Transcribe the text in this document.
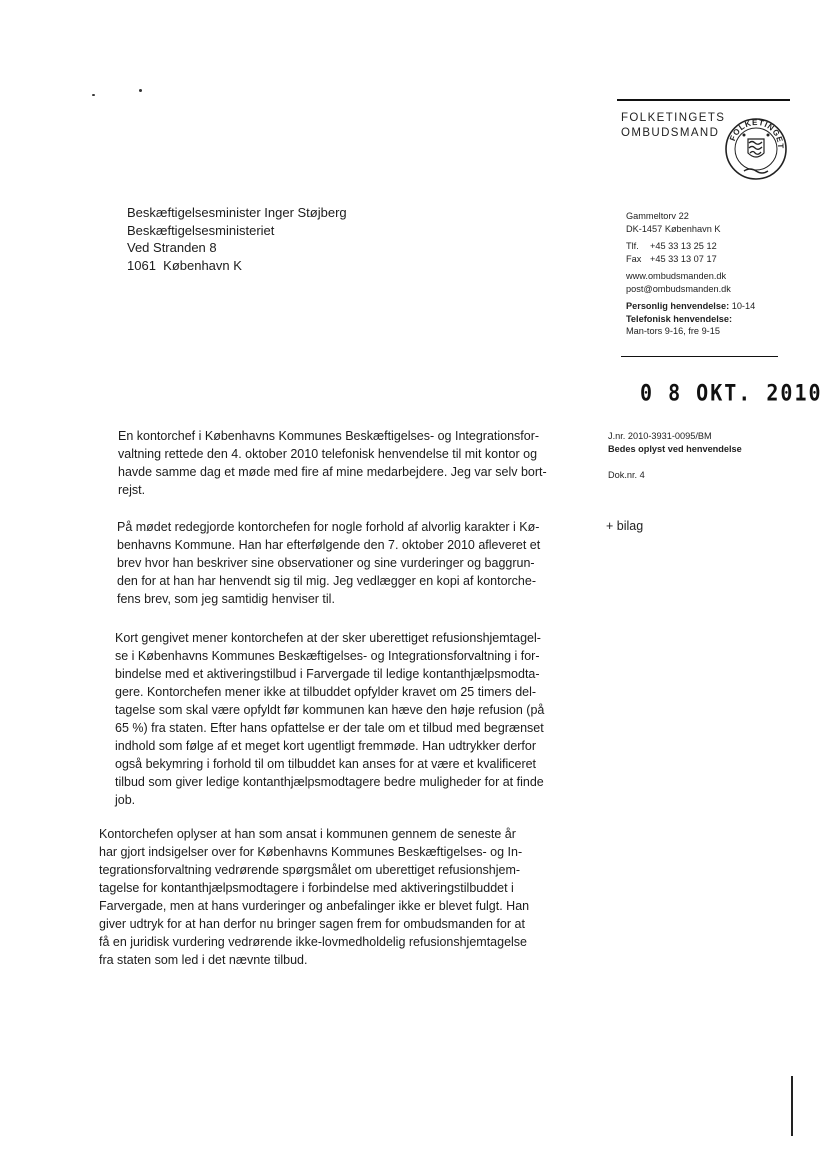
FOLKETINGETS
OMBUDSMAND	FOLKETINGET
Beskæftigelsesminister Inger Støjberg
Beskæftigelsesministeriet
Ved Stranden 8
1061  København K
Gammeltorv 22
DK-1457 København K
Tlf.	+45 33 13 25 12
Fax +45 33 13 07 17
www.ombudsmanden.dk
post@ombudsmanden.dk
Personlig henvendelse: 10-14
Telefonisk henvendelse:
Man-tors 9-16, fre 9-15
0 8 OKT. 2010
J.nr. 2010-3931-0095/BM
Bedes oplyst ved henvendelse
Dok.nr. 4
+ bilag
En kontorchef i Københavns Kommunes Beskæftigelses- og Integrationsfor-
valtning rettede den 4. oktober 2010 telefonisk henvendelse til mit kontor og
havde samme dag et møde med fire af mine medarbejdere. Jeg var selv bort-
rejst.
På mødet redegjorde kontorchefen for nogle forhold af alvorlig karakter i Kø-
benhavns Kommune. Han har efterfølgende den 7. oktober 2010 afleveret et
brev hvor han beskriver sine observationer og sine vurderinger og baggrun-
den for at han har henvendt sig til mig. Jeg vedlægger en kopi af kontorche-
fens brev, som jeg samtidig henviser til.
Kort gengivet mener kontorchefen at der sker uberettiget refusionshjemtagel-
se i Københavns Kommunes Beskæftigelses- og Integrationsforvaltning i for-
bindelse med et aktiveringstilbud i Farvergade til ledige kontanthjælpsmodta-
gere. Kontorchefen mener ikke at tilbuddet opfylder kravet om 25 timers del-
tagelse som skal være opfyldt før kommunen kan hæve den høje refusion (på
65 %) fra staten. Efter hans opfattelse er der tale om et tilbud med begrænset
indhold som følge af et meget kort ugentligt fremmøde. Han udtrykker derfor
også bekymring i forhold til om tilbuddet kan anses for at være et kvalificeret
tilbud som giver ledige kontanthjælpsmodtagere bedre muligheder for at finde
job.
Kontorchefen oplyser at han som ansat i kommunen gennem de seneste år
har gjort indsigelser over for Københavns Kommunes Beskæftigelses- og In-
tegrationsforvaltning vedrørende spørgsmålet om uberettiget refusionshjem-
tagelse for kontanthjælpsmodtagere i forbindelse med aktiveringstilbuddet i
Farvergade, men at hans vurderinger og anbefalinger ikke er blevet fulgt. Han
giver udtryk for at han derfor nu bringer sagen frem for ombudsmanden for at
få en juridisk vurdering vedrørende ikke-lovmedholdelig refusionshjemtagelse
fra staten som led i det nævnte tilbud.
